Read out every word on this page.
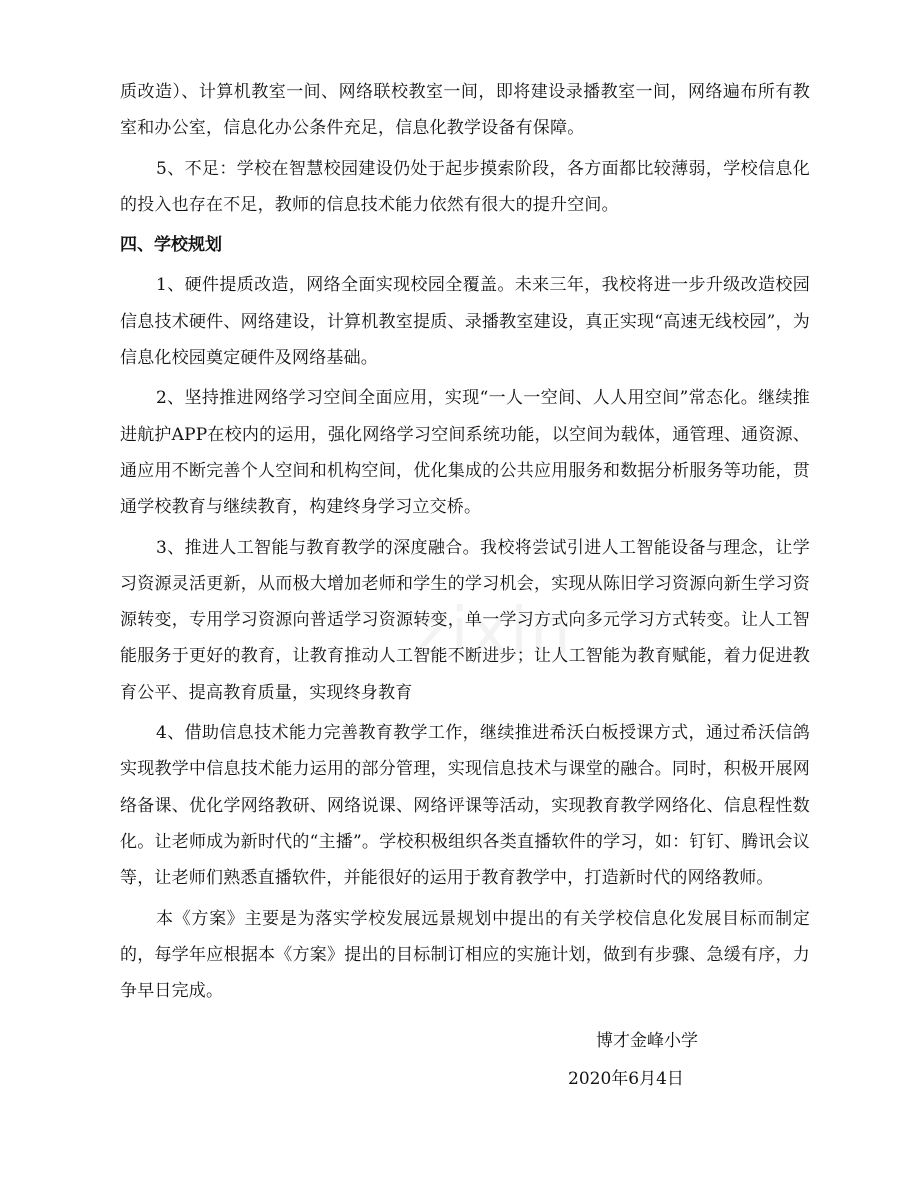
质改造）、计算机教室一间、网络联校教室一间，即将建设录播教室一间，网络遍布所有教室和办公室，信息化办公条件充足，信息化教学设备有保障。

5、不足：学校在智慧校园建设仍处于起步摸索阶段，各方面都比较薄弱，学校信息化的投入也存在不足，教师的信息技术能力依然有很大的提升空间。

四、学校规划

1、硬件提质改造，网络全面实现校园全覆盖。未来三年，我校将进一步升级改造校园信息技术硬件、网络建设，计算机教室提质、录播教室建设，真正实现“高速无线校园”，为信息化校园奠定硬件及网络基础。

2、坚持推进网络学习空间全面应用，实现“一人一空间、人人用空间”常态化。继续推进航护APP在校内的运用，强化网络学习空间系统功能，以空间为载体，通管理、通资源、通应用不断完善个人空间和机构空间，优化集成的公共应用服务和数据分析服务等功能，贯通学校教育与继续教育，构建终身学习立交桥。

3、推进人工智能与教育教学的深度融合。我校将尝试引进人工智能设备与理念，让学习资源灵活更新，从而极大增加老师和学生的学习机会，实现从陈旧学习资源向新生学习资源转变，专用学习资源向普适学习资源转变，单一学习方式向多元学习方式转变。让人工智能服务于更好的教育，让教育推动人工智能不断进步；让人工智能为教育赋能，着力促进教育公平、提高教育质量，实现终身教育

4、借助信息技术能力完善教育教学工作，继续推进希沃白板授课方式，通过希沃信鸽实现教学中信息技术能力运用的部分管理，实现信息技术与课堂的融合。同时，积极开展网络备课、优化学网络教研、网络说课、网络评课等活动，实现教育教学网络化、信息程性数化。让老师成为新时代的“主播”。学校积极组织各类直播软件的学习，如：钉钉、腾讯会议等，让老师们熟悉直播软件，并能很好的运用于教育教学中，打造新时代的网络教师。

本《方案》主要是为落实学校发展远景规划中提出的有关学校信息化发展目标而制定的，每学年应根据本《方案》提出的目标制订相应的实施计划，做到有步骤、急缓有序，力争早日完成。

博才金峰小学
2020年6月4日
